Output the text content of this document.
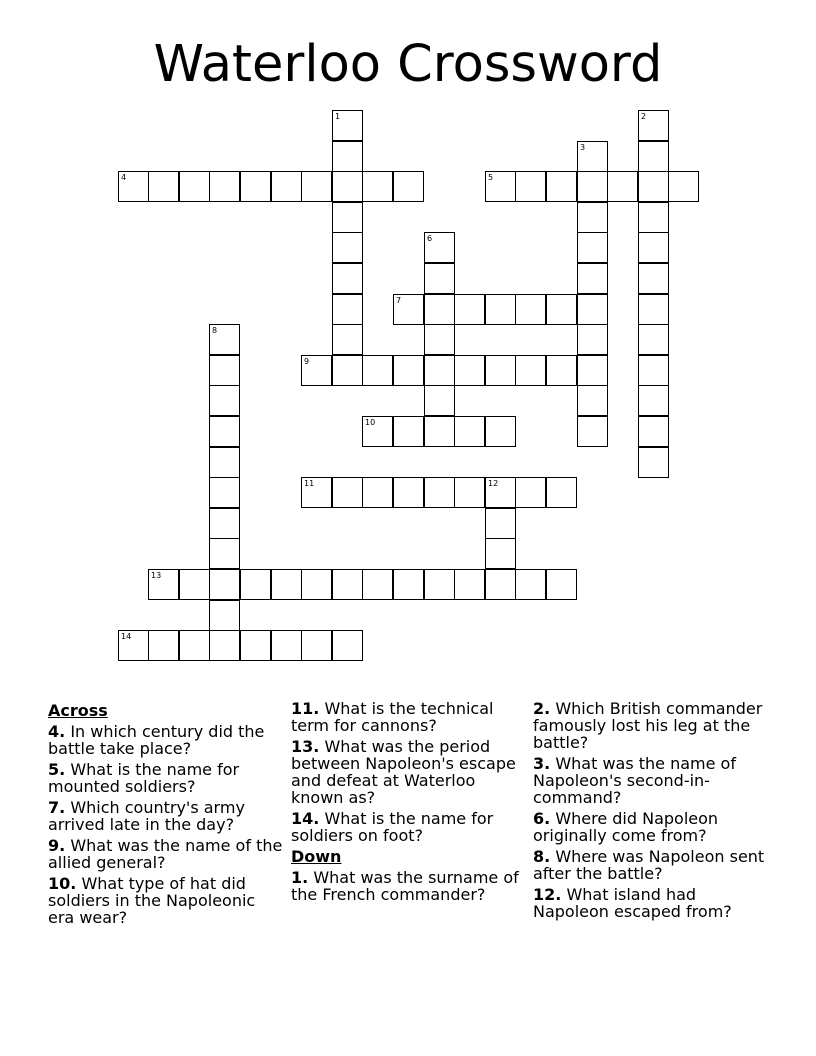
Waterloo Crossword
1	2
3
4	5
6
7
8
9
10
11	12
13
14
Across
4. In which century did the battle take place?
5. What is the name for mounted soldiers?
7. Which country's army arrived late in the day?
9. What was the name of the allied general?
10. What type of hat did soldiers in the Napoleonic era wear?
11. What is the technical term for cannons?
13. What was the period between Napoleon's escape and defeat at Waterloo known as?
14. What is the name for soldiers on foot?
Down
1. What was the surname of the French commander?
2. Which British commander famously lost his leg at the battle?
3. What was the name of Napoleon's second-in-command?
6. Where did Napoleon originally come from?
8. Where was Napoleon sent after the battle?
12. What island had Napoleon escaped from?
